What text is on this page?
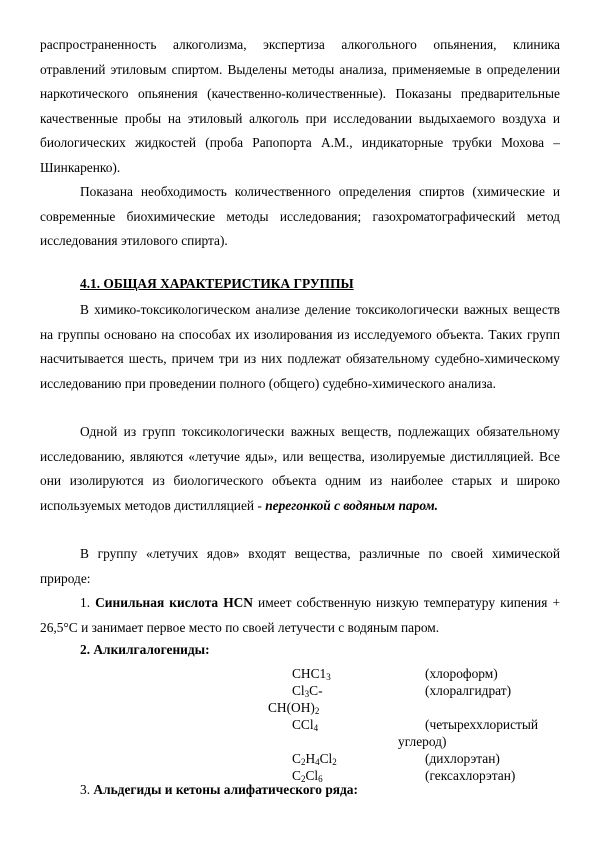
распространенность алкоголизма, экспертиза алкогольного опьянения, клиника отравлений этиловым спиртом. Выделены методы анализа, применяемые в определении наркотического опьянения (качественно-количественные). Показаны предварительные качественные пробы на этиловый алкоголь при исследовании выдыхаемого воздуха и биологических жидкостей (проба Рапопорта А.М., индикаторные трубки Мохова – Шинкаренко).

Показана необходимость количественного определения спиртов (химические и современные биохимические методы исследования; газохроматографический метод исследования этилового спирта).

4.1. ОБЩАЯ ХАРАКТЕРИСТИКА ГРУППЫ

В химико-токсикологическом анализе деление токсикологически важных веществ на группы основано на способах их изолирования из исследуемого объекта. Таких групп насчитывается шесть, причем три из них подлежат обязательному судебно-химическому исследованию при проведении полного (общего) судебно-химического анализа.

Одной из групп токсикологически важных веществ, подлежащих обязательному исследованию, являются «летучие яды», или вещества, изолируемые дистилляцией. Все они изолируются из биологического объекта одним из наиболее старых и широко используемых методов дистилляцией - перегонкой с водяным паром.

В группу «летучих ядов» входят вещества, различные по своей химической природе:

1. Синильная кислота HCN имеет собственную низкую температуру кипения + 26,5°С и занимает первое место по своей летучести с водяным паром.

2. Алкилгалогениды:

$CHC1_3$	(хлороформ)
$Cl_3C-$	(хлоралгидрат)
$CH(OH)_2$
CCl$_4$	(четыреххлористый
углерод)
$C_2H_4Cl_2$	(дихлорэтан)
$C_2Cl_6$	(гексахлорэтан)

3. Альдегиды и кетоны алифатического ряда:
